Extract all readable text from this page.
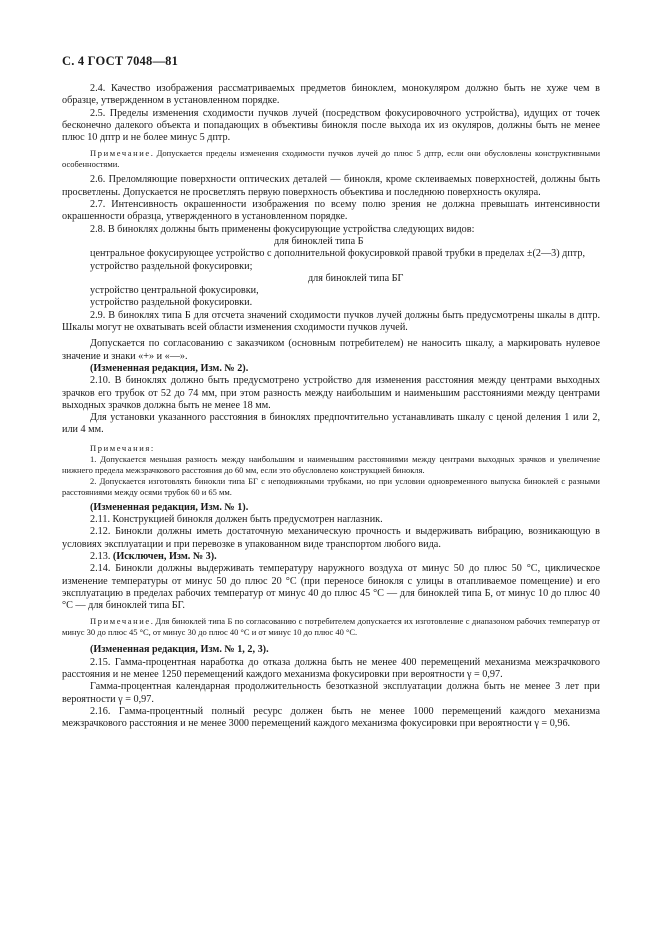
С. 4 ГОСТ 7048—81

2.4. Качество изображения рассматриваемых предметов биноклем, монокуляром должно быть не хуже чем в образце, утвержденном в установленном порядке.

2.5. Пределы изменения сходимости пучков лучей (посредством фокусировочного устройства), идущих от точек бесконечно далекого объекта и попадающих в объективы бинокля после выхода их из окуляров, должны быть не менее плюс 10 дптр и не более минус 5 дптр.

Примечание. Допускается пределы изменения сходимости пучков лучей до плюс 5 дптр, если они обусловлены конструктивными особенностями.

2.6. Преломляющие поверхности оптических деталей — бинокля, кроме склеиваемых поверхностей, должны быть просветлены. Допускается не просветлять первую поверхность объектива и последнюю поверхность окуляра.

2.7. Интенсивность окрашенности изображения по всему полю зрения не должна превышать интенсивности окрашенности образца, утвержденного в установленном порядке.

2.8. В биноклях должны быть применены фокусирующие устройства следующих видов:

для биноклей типа Б

центральное фокусирующее устройство с дополнительной фокусировкой правой трубки в пределах ±(2—3) дптр,

устройство раздельной фокусировки;

для биноклей типа БГ

устройство центральной фокусировки,

устройство раздельной фокусировки.

2.9. В биноклях типа Б для отсчета значений сходимости пучков лучей должны быть предусмотрены шкалы в дптр. Шкалы могут не охватывать всей области изменения сходимости пучков лучей.

Допускается по согласованию с заказчиком (основным потребителем) не наносить шкалу, а маркировать нулевое значение и знаки «+» и «—».

(Измененная редакция, Изм. № 2).

2.10. В биноклях должно быть предусмотрено устройство для изменения расстояния между центрами выходных зрачков его трубок от 52 до 74 мм, при этом разность между наибольшим и наименьшим расстояниями между центрами выходных зрачков должна быть не менее 18 мм.

Для установки указанного расстояния в биноклях предпочтительно устанавливать шкалу с ценой деления 1 или 2, или 4 мм.

Примечания:

1. Допускается меньшая разность между наибольшим и наименьшим расстояниями между центрами выходных зрачков и увеличение нижнего предела межзрачкового расстояния до 60 мм, если это обусловлено конструкцией бинокля.

2. Допускается изготовлять бинокли типа БГ с неподвижными трубками, но при условии одновременного выпуска биноклей с разными расстояниями между осями трубок 60 и 65 мм.

(Измененная редакция, Изм. № 1).

2.11. Конструкцией бинокля должен быть предусмотрен наглазник.

2.12. Бинокли должны иметь достаточную механическую прочность и выдерживать вибрацию, возникающую в условиях эксплуатации и при перевозке в упакованном виде транспортом любого вида.

2.13. (Исключен, Изм. № 3).

2.14. Бинокли должны выдерживать температуру наружного воздуха от минус 50 до плюс 50 °С, циклическое изменение температуры от минус 50 до плюс 20 °С (при переносе бинокля с улицы в отапливаемое помещение) и его эксплуатацию в пределах рабочих температур от минус 40 до плюс 45 °С — для биноклей типа Б, от минус 10 до плюс 40 °С — для биноклей типа БГ.

Примечание. Для биноклей типа Б по согласованию с потребителем допускается их изготовление с диапазоном рабочих температур от минус 30 до плюс 45 °С, от минус 30 до плюс 40 °С и от минус 10 до плюс 40 °С.

(Измененная редакция, Изм. № 1, 2, 3).

2.15. Гамма-процентная наработка до отказа должна быть не менее 400 перемещений механизма межзрачкового расстояния и не менее 1250 перемещений каждого механизма фокусировки при вероятности γ = 0,97.

Гамма-процентная календарная продолжительность безотказной эксплуатации должна быть не менее 3 лет при вероятности γ = 0,97.

2.16. Гамма-процентный полный ресурс должен быть не менее 1000 перемещений каждого механизма межзрачкового расстояния и не менее 3000 перемещений каждого механизма фокусировки при вероятности γ = 0,96.
